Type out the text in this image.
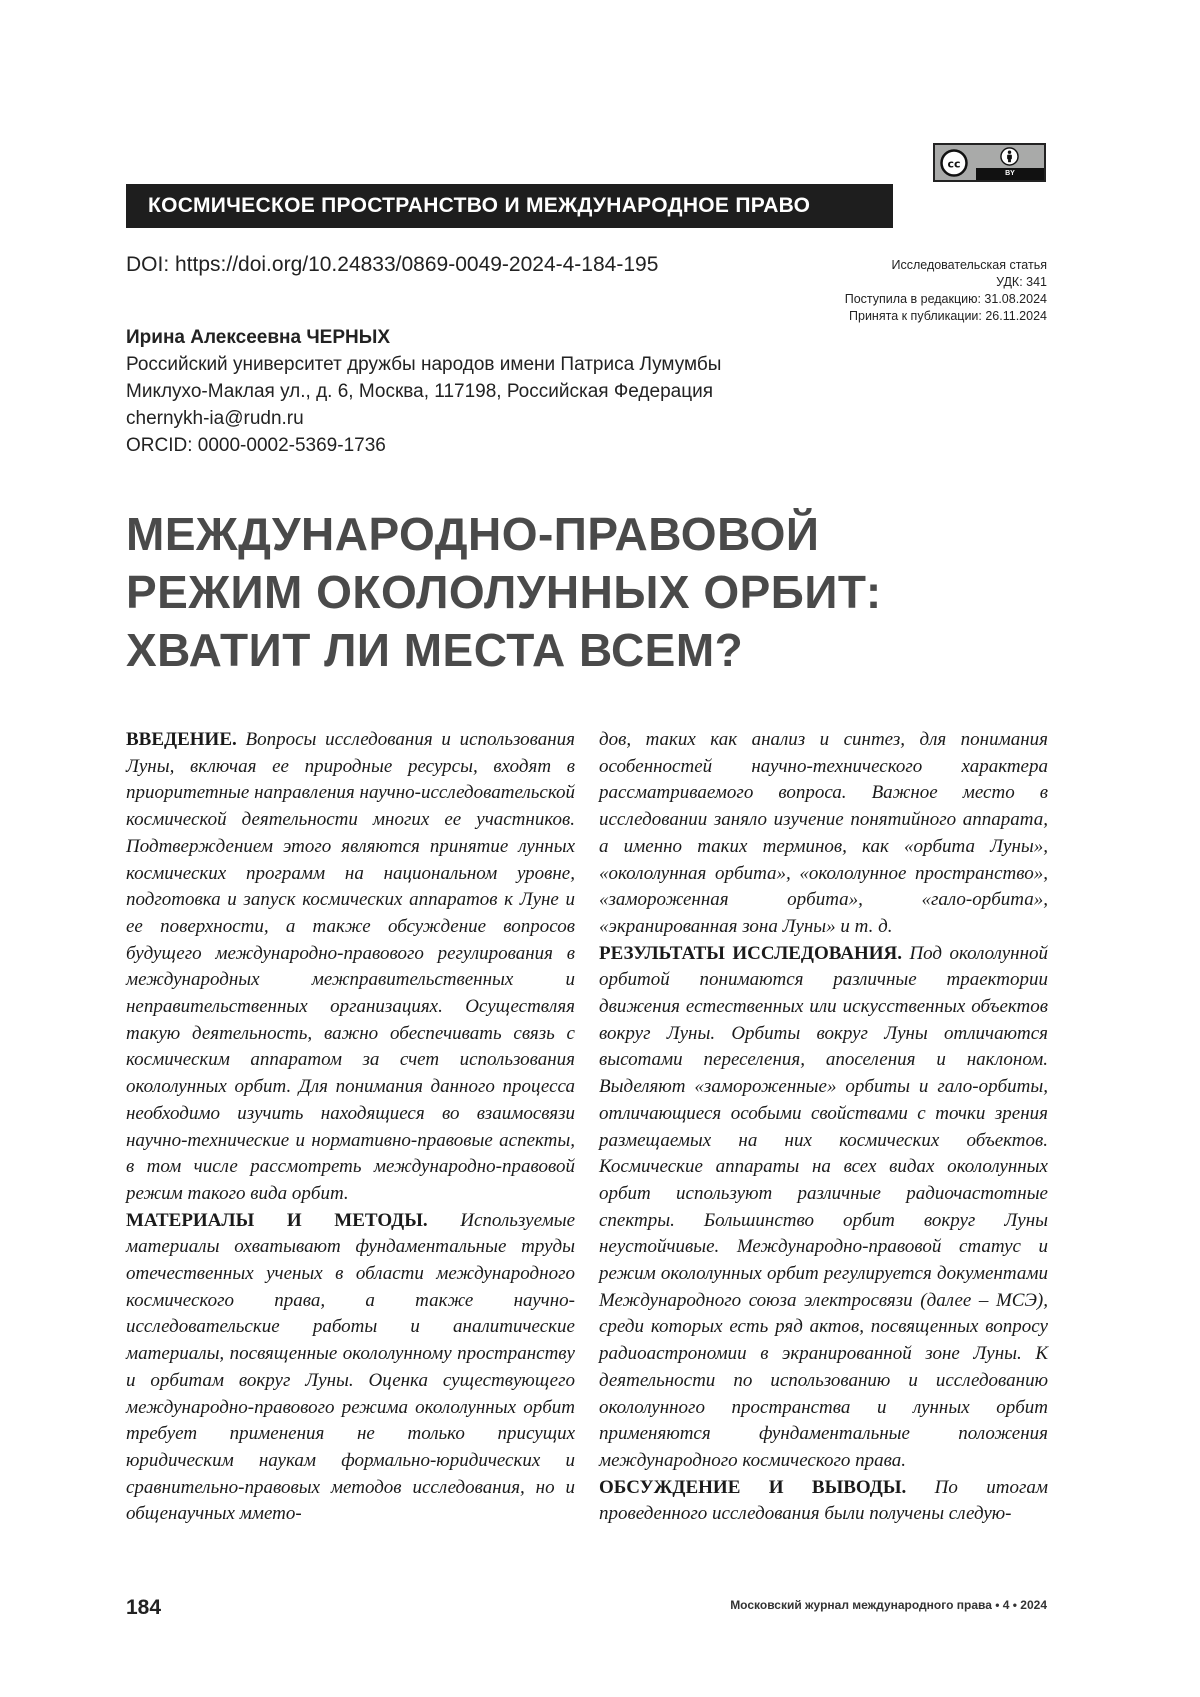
cc
BY
КОСМИЧЕСКОЕ ПРОСТРАНСТВО И МЕЖДУНАРОДНОЕ ПРАВО
DOI: https://doi.org/10.24833/0869-0049-2024-4-184-195	Исследовательская статья
УДК: 341
Поступила в редакцию: 31.08.2024
Принята к публикации: 26.11.2024
Ирина Алексеевна ЧЕРНЫХ
Российский университет дружбы народов имени Патриса Лумумбы
Миклухо-Маклая ул., д. 6, Москва, 117198, Российская Федерация
chernykh-ia@rudn.ru
ORCID: 0000-0002-5369-1736
МЕЖДУНАРОДНО-ПРАВОВОЙ
РЕЖИМ ОКОЛОЛУННЫХ ОРБИТ:
ХВАТИТ ЛИ МЕСТА ВСЕМ?

ВВЕДЕНИЕ. Вопросы исследования и использования Луны, включая ее природные ресурсы, входят в приоритетные направления научно-исследовательской космической деятельности многих ее участников. Подтверждением этого являются принятие лунных космических программ на национальном уровне, подготовка и запуск космических аппаратов к Луне и ее поверхности, а также обсуждение вопросов будущего международно-правового регулирования в международных межправительственных и неправительственных организациях. Осуществляя такую деятельность, важно обеспечивать связь с космическим аппаратом за счет использования окололунных орбит. Для понимания данного процесса необходимо изучить находящиеся во взаимосвязи научно-технические и нормативно-правовые аспекты, в том числе рассмотреть международно-правовой режим такого вида орбит.

МАТЕРИАЛЫ И МЕТОДЫ. Используемые материалы охватывают фундаментальные труды отечественных ученых в области международного космического права, а также научно-исследовательские работы и аналитические материалы, посвященные окололунному пространству и орбитам вокруг Луны. Оценка существующего международно-правового режима окололунных орбит требует применения не только присущих юридическим наукам формально-юридических и сравнительно-правовых методов исследования, но и общенаучных ммето-

дов, таких как анализ и синтез, для понимания особенностей научно-технического характера рассматриваемого вопроса. Важное место в исследовании заняло изучение понятийного аппарата, а именно таких терминов, как «орбита Луны», «окололунная орбита», «окололунное пространство», «замороженная орбита», «гало-орбита», «экранированная зона Луны» и т. д.

РЕЗУЛЬТАТЫ ИССЛЕДОВАНИЯ. Под окололунной орбитой понимаются различные траектории движения естественных или искусственных объектов вокруг Луны. Орбиты вокруг Луны отличаются высотами переселения, апоселения и наклоном. Выделяют «замороженные» орбиты и гало-орбиты, отличающиеся особыми свойствами с точки зрения размещаемых на них космических объектов. Космические аппараты на всех видах окололунных орбит используют различные радиочастотные спектры. Большинство орбит вокруг Луны неустойчивые. Международно-правовой статус и режим окололунных орбит регулируется документами Международного союза электросвязи (далее – МСЭ), среди которых есть ряд актов, посвященных вопросу радиоастрономии в экранированной зоне Луны. К деятельности по использованию и исследованию окололунного пространства и лунных орбит применяются фундаментальные положения международного космического права.

ОБСУЖДЕНИЕ И ВЫВОДЫ. По итогам проведенного исследования были получены следую-

184	Московский журнал международного права • 4 • 2024
